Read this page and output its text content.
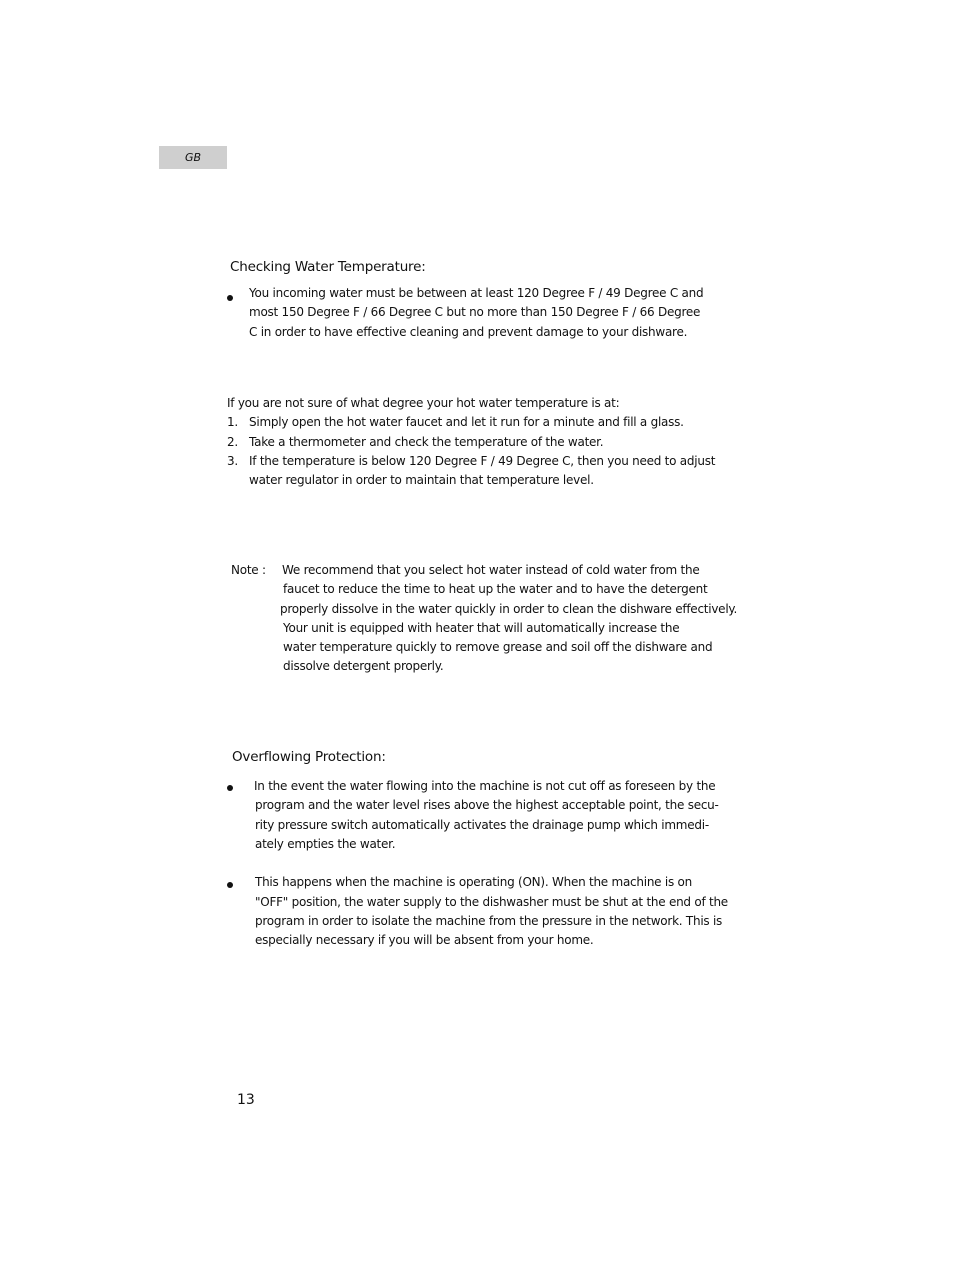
GB
Checking Water Temperature:
You incoming water must be between at least 120 Degree F / 49 Degree C and
most 150 Degree F / 66 Degree C but no more than 150 Degree F / 66 Degree
C in order to have effective cleaning and prevent damage to your dishware.
If you are not sure of what degree your hot water temperature is at:
1. Simply open the hot water faucet and let it run for a minute and fill a glass.
2. Take a thermometer and check the temperature of the water.
3. If the temperature is below 120 Degree F / 49 Degree C, then you need to adjust
water regulator in order to maintain that temperature level.
Note : We recommend that you select hot water instead of cold water from the
faucet to reduce the time to heat up the water and to have the detergent
properly dissolve in the water quickly in order to clean the dishware effectively.
Your unit is equipped with heater that will automatically increase the
water temperature quickly to remove grease and soil off the dishware and
dissolve detergent properly.
Overflowing Protection:
In the event the water flowing into the machine is not cut off as foreseen by the
program and the water level rises above the highest acceptable point, the secu-
rity pressure switch automatically activates the drainage pump which immedi-
ately empties the water.
This happens when the machine is operating (ON). When the machine is on
"OFF" position, the water supply to the dishwasher must be shut at the end of the
program in order to isolate the machine from the pressure in the network. This is
especially necessary if you will be absent from your home.
13
